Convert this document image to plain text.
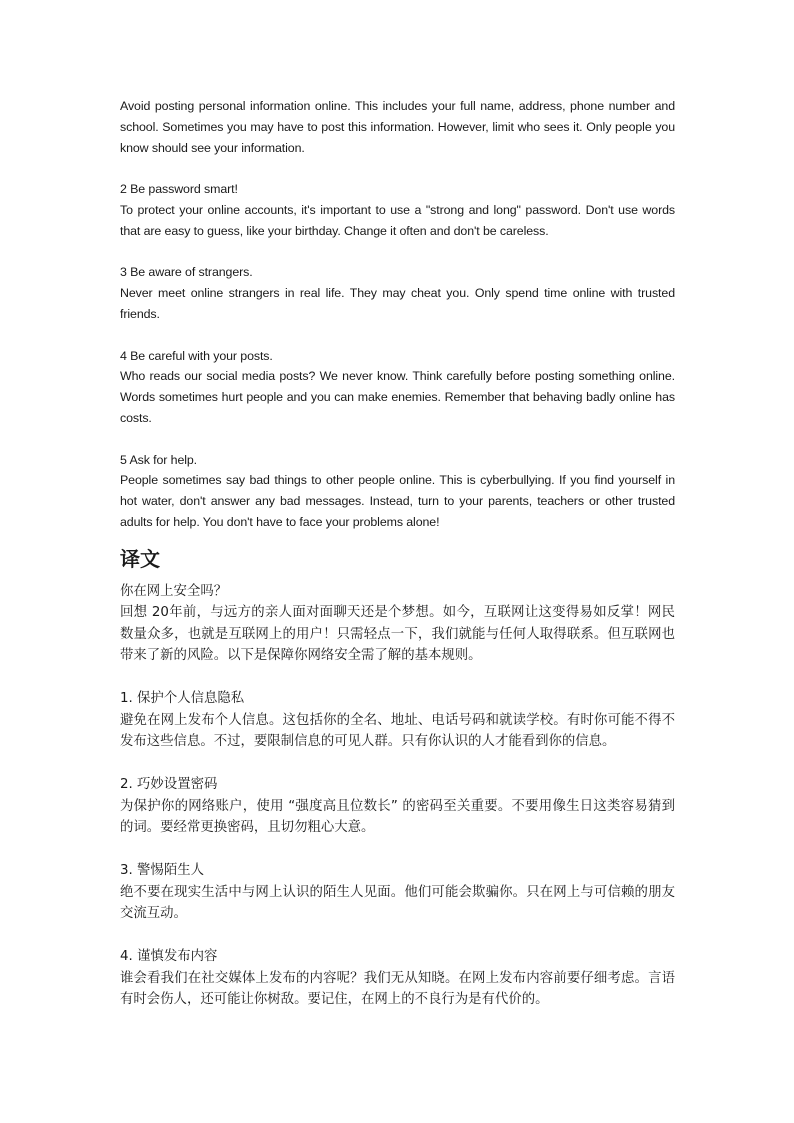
Avoid posting personal information online. This includes your full name, address, phone number and school. Sometimes you may have to post this information. However, limit who sees it. Only people you know should see your information.

2 Be password smart!
To protect your online accounts, it's important to use a "strong and long" password. Don't use words that are easy to guess, like your birthday. Change it often and don't be careless.

3 Be aware of strangers.
Never meet online strangers in real life. They may cheat you. Only spend time online with trusted friends.

4 Be careful with your posts.
Who reads our social media posts? We never know. Think carefully before posting something online. Words sometimes hurt people and you can make enemies. Remember that behaving badly online has costs.

5 Ask for help.
People sometimes say bad things to other people online. This is cyberbullying. If you find yourself in hot water, don't answer any bad messages. Instead, turn to your parents, teachers or other trusted adults for help. You don't have to face your problems alone!

译文

你在网上安全吗？
回想 20年前，与远方的亲人面对面聊天还是个梦想。如今，互联网让这变得易如反掌！网民数量众多，也就是互联网上的用户！只需轻点一下，我们就能与任何人取得联系。但互联网也带来了新的风险。以下是保障你网络安全需了解的基本规则。

1. 保护个人信息隐私
避免在网上发布个人信息。这包括你的全名、地址、电话号码和就读学校。有时你可能不得不发布这些信息。不过，要限制信息的可见人群。只有你认识的人才能看到你的信息。

2. 巧妙设置密码
为保护你的网络账户，使用 “强度高且位数长” 的密码至关重要。不要用像生日这类容易猜到的词。要经常更换密码，且切勿粗心大意。

3. 警惕陌生人
绝不要在现实生活中与网上认识的陌生人见面。他们可能会欺骗你。只在网上与可信赖的朋友交流互动。

4. 谨慎发布内容
谁会看我们在社交媒体上发布的内容呢？我们无从知晓。在网上发布内容前要仔细考虑。言语有时会伤人，还可能让你树敌。要记住，在网上的不良行为是有代价的。
